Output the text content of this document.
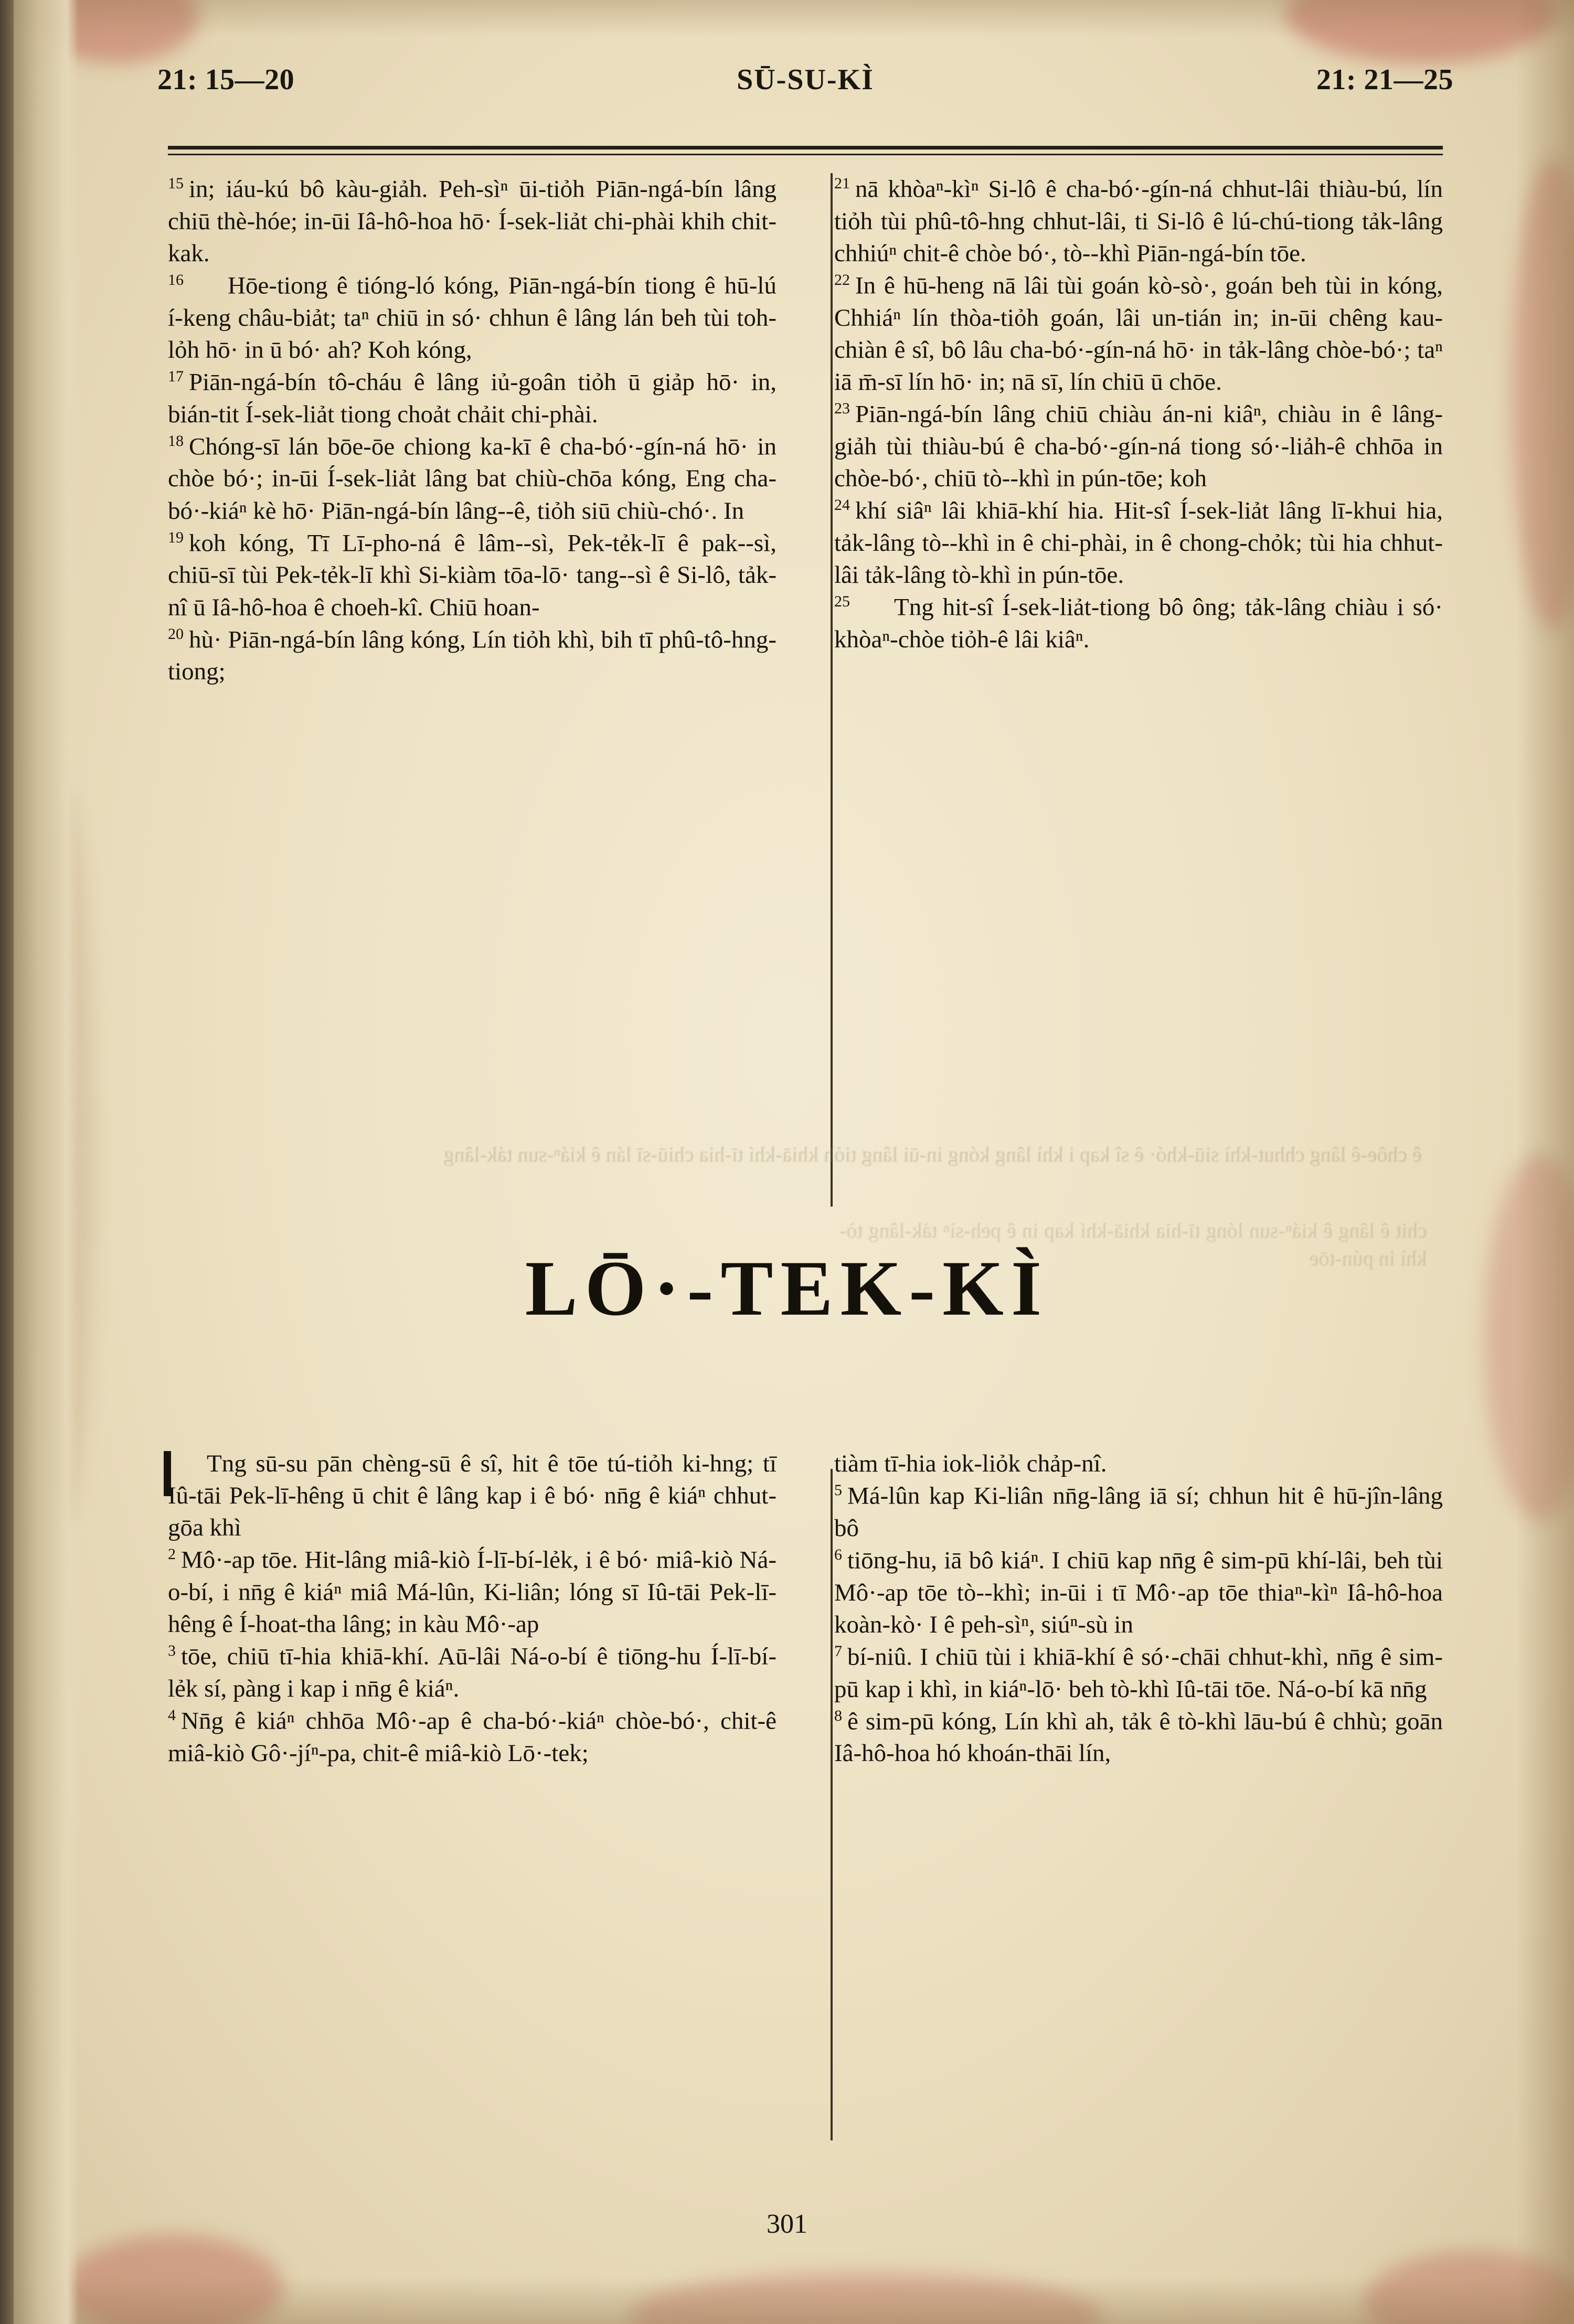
21: 15—20	SŪ-SU-KÌ	21: 21—25

$^{15}$ in; iáu-kú bô kàu-giảh. Peh-sìⁿ ūi-tiỏh Piān-ngá-bín lâng chiū thè-hóe; in-ūi Iâ-hô-hoa hō· Í-sek-liảt chi-phài khih chit-kak.

$^{16}$ Hōe-tiong ê tióng-ló kóng, Piān-ngá-bín tiong ê hū-lú í-keng châu-biảt; taⁿ chiū in só· chhun ê lâng lán beh tùi toh-lỏh hō· in ū bó· ah? Koh kóng,

$^{17}$ Piān-ngá-bín tô-cháu ê lâng iủ-goân tiỏh ū giảp hō· in, bián-tit Í-sek-liảt tiong choảt chảit chi-phài.

$^{18}$ Chóng-sī lán bōe-ōe chiong ka-kī ê cha-bó·-gín-ná hō· in chòe bó·; in-ūi Í-sek-liảt lâng bat chiù-chōa kóng, Eng cha-bó·-kiáⁿ kè hō· Piān-ngá-bín lâng--ê, tiỏh siū chiù-chó·. In

$^{19}$ koh kóng, Tī Lī-pho-ná ê lâm--sì, Pek-tẻk-lī ê pak--sì, chiū-sī tùi Pek-tẻk-lī khì Si-kiàm tōa-lō· tang--sì ê Si-lô, tảk-nî ū Iâ-hô-hoa ê choeh-kî. Chiū hoan-

$^{20}$ hù· Piān-ngá-bín lâng kóng, Lín tiỏh khì, bih tī phû-tô-hng-tiong;

$^{21}$ nā khòaⁿ-kìⁿ Si-lô ê cha-bó·-gín-ná chhut-lâi thiàu-bú, lín tiỏh tùi phû-tô-hng chhut-lâi, ti Si-lô ê lú-chú-tiong tảk-lâng chhiúⁿ chit-ê chòe bó·, tò--khì Piān-ngá-bín tōe.

$^{22}$ In ê hū-heng nā lâi tùi goán kò-sò·, goán beh tùi in kóng, Chhiáⁿ lín thòa-tiỏh goán, lâi un-tián in; in-ūi chêng kau-chiàn ê sî, bô lâu cha-bó·-gín-ná hō· in tảk-lâng chòe-bó·; taⁿ iā m̄-sī lín hō· in; nā sī, lín chiū ū chōe.

$^{23}$ Piān-ngá-bín lâng chiū chiàu án-ni kiâⁿ, chiàu in ê lâng-giảh tùi thiàu-bú ê cha-bó·-gín-ná tiong só·-liảh-ê chhōa in chòe-bó·, chiū tò--khì in pún-tōe; koh

$^{24}$ khí siâⁿ lâi khiā-khí hia. Hit-sî Í-sek-liảt lâng lī-khui hia, tảk-lâng tò--khì in ê chi-phài, in ê chong-chỏk; tùi hia chhut-lâi tảk-lâng tò-khì in pún-tōe.

$^{25}$ Tng hit-sî Í-sek-liảt-tiong bô ông; tảk-lâng chiàu i só· khòaⁿ-chòe tiỏh-ê lâi kiâⁿ.

ê chôe-ê lâng chhut-khì siū-khó· ê sî kap i khì lâng kóng in-ūi lâng tiỏh khiā-khí tī-hia chiū-sī lán ê kiáⁿ-sun tảk-lâng
chit ê lâng ê kiáⁿ-sun lóng tī-hia khiā-khí kap in ê peh-sìⁿ tảk-lâng tò-khì in pún-tōe
LŌ·-TEK-KÌ

Tng sū-su pān chèng-sū ê sî, hit ê tōe tú-tiỏh ki-hng; tī Iû-tāi Pek-lī-hêng ū chit ê lâng kap i ê bó· nn̄g ê kiáⁿ chhut-gōa khì

$^2$ Mô·-ap tōe. Hit-lâng miâ-kiò Í-lī-bí-lẻk, i ê bó· miâ-kiò Ná-o-bí, i nn̄g ê kiáⁿ miâ Má-lûn, Ki-liân; lóng sī Iû-tāi Pek-lī-hêng ê Í-hoat-tha lâng; in kàu Mô·-ap

$^3$ tōe, chiū tī-hia khiā-khí. Aū-lâi Ná-o-bí ê tiōng-hu Í-lī-bí-lẻk sí, pàng i kap i nn̄g ê kiáⁿ.

$^4$ Nn̄g ê kiáⁿ chhōa Mô·-ap ê cha-bó·-kiáⁿ chòe-bó·, chit-ê miâ-kiò Gô·-jíⁿ-pa, chit-ê miâ-kiò Lō·-tek;

tiàm tī-hia iok-liỏk chảp-nî.

$^5$ Má-lûn kap Ki-liân nn̄g-lâng iā sí; chhun hit ê hū-jîn-lâng bô

$^6$ tiōng-hu, iā bô kiáⁿ. I chiū kap nn̄g ê sim-pū khí-lâi, beh tùi Mô·-ap tōe tò--khì; in-ūi i tī Mô·-ap tōe thiaⁿ-kìⁿ Iâ-hô-hoa koàn-kò· I ê peh-sìⁿ, siúⁿ-sù in

$^7$ bí-niû. I chiū tùi i khiā-khí ê só·-chāi chhut-khì, nn̄g ê sim-pū kap i khì, in kiáⁿ-lō· beh tò-khì Iû-tāi tōe. Ná-o-bí kā nn̄g

$^8$ ê sim-pū kóng, Lín khì ah, tảk ê tò-khì lāu-bú ê chhù; goān Iâ-hô-hoa hó khoán-thāi lín,

301
